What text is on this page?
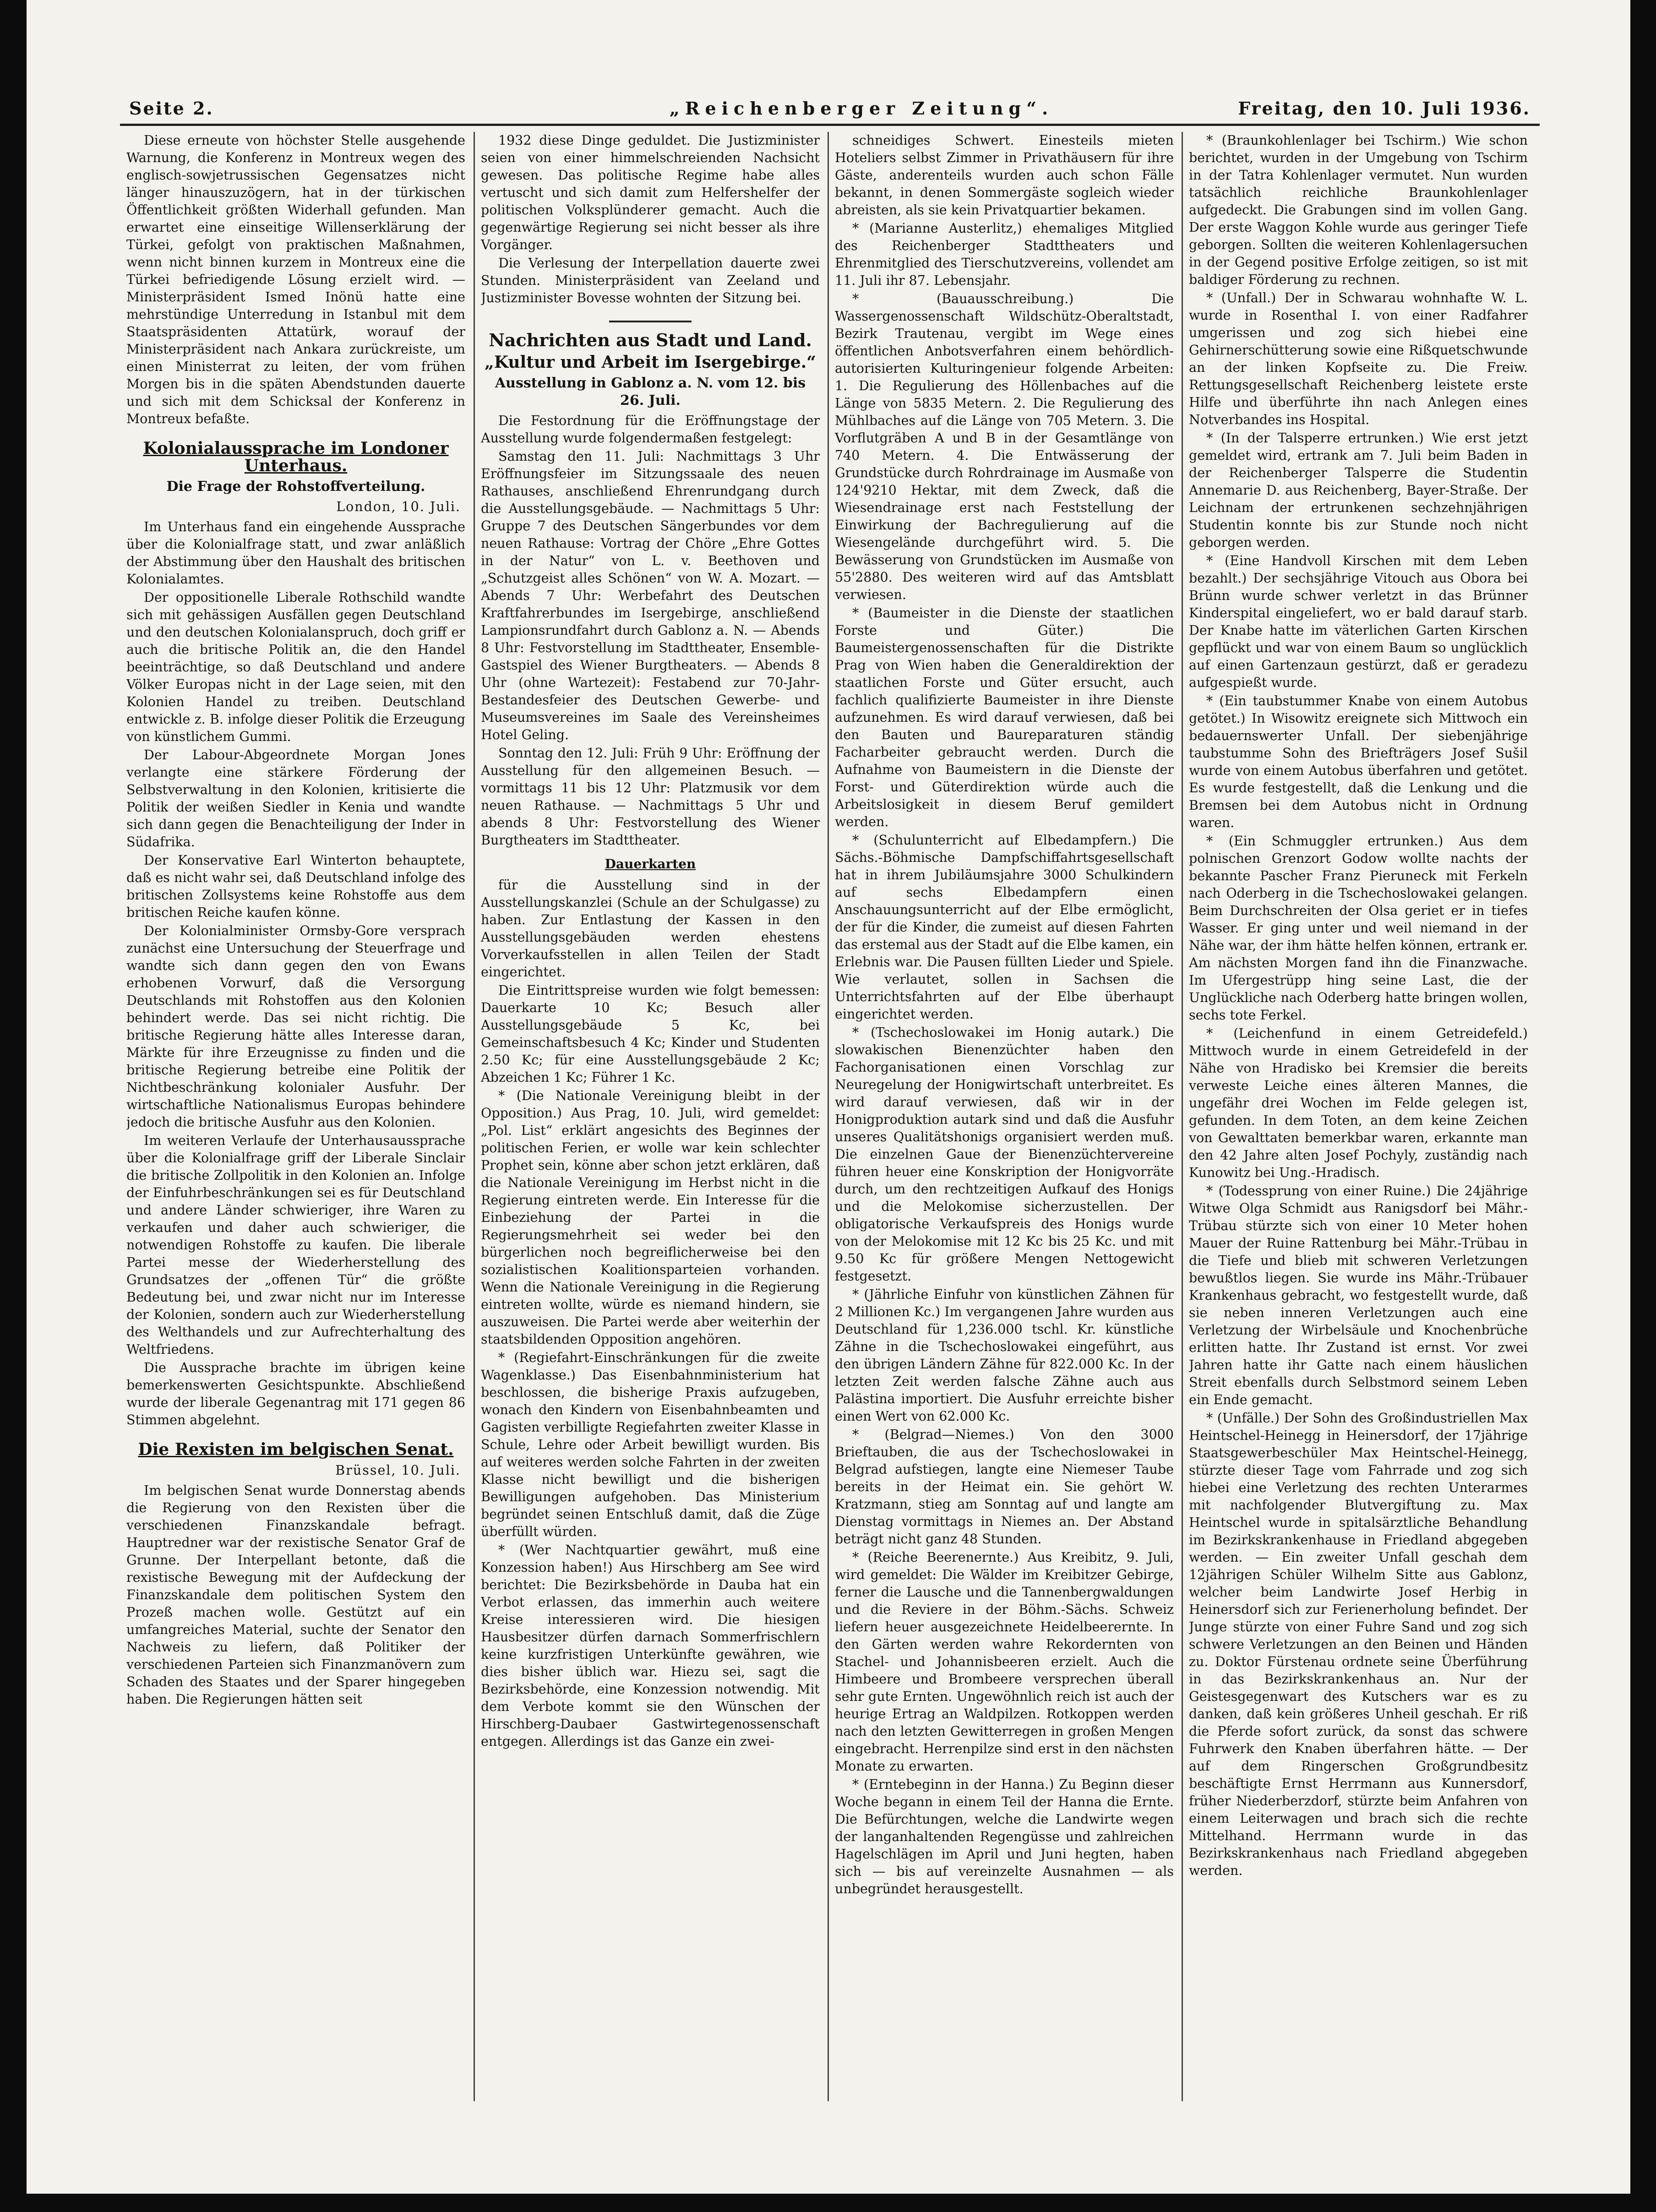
Seite 2.	„Reichenberger Zeitung“.	Freitag, den 10. Juli 1936.

Diese erneute von höchster Stelle ausgehende Warnung, die Konferenz in Montreux wegen des englisch-sowjetrussischen Gegensatzes nicht länger hinauszuzögern, hat in der türkischen Öffentlichkeit größten Widerhall gefunden. Man erwartet eine einseitige Willenserklärung der Türkei, gefolgt von praktischen Maßnahmen, wenn nicht binnen kurzem in Montreux eine die Türkei befriedigende Lösung erzielt wird. — Ministerpräsident Ismed Inönü hatte eine mehrstündige Unterredung in Istanbul mit dem Staatspräsidenten Attatürk, worauf der Ministerpräsident nach Ankara zurückreiste, um einen Ministerrat zu leiten, der vom frühen Morgen bis in die späten Abendstunden dauerte und sich mit dem Schicksal der Konferenz in Montreux befaßte.

Kolonialaussprache im Londoner Unterhaus.
Die Frage der Rohstoffverteilung.
London, 10. Juli.

Im Unterhaus fand ein eingehende Aussprache über die Kolonialfrage statt, und zwar anläßlich der Abstimmung über den Haushalt des britischen Kolonialamtes.

Der oppositionelle Liberale Rothschild wandte sich mit gehässigen Ausfällen gegen Deutschland und den deutschen Kolonialanspruch, doch griff er auch die britische Politik an, die den Handel beeinträchtige, so daß Deutschland und andere Völker Europas nicht in der Lage seien, mit den Kolonien Handel zu treiben. Deutschland entwickle z. B. infolge dieser Politik die Erzeugung von künstlichem Gummi.

Der Labour-Abgeordnete Morgan Jones verlangte eine stärkere Förderung der Selbstverwaltung in den Kolonien, kritisierte die Politik der weißen Siedler in Kenia und wandte sich dann gegen die Benachteiligung der Inder in Südafrika.

Der Konservative Earl Winterton behauptete, daß es nicht wahr sei, daß Deutschland infolge des britischen Zollsystems keine Rohstoffe aus dem britischen Reiche kaufen könne.

Der Kolonialminister Ormsby-Gore versprach zunächst eine Untersuchung der Steuerfrage und wandte sich dann gegen den von Ewans erhobenen Vorwurf, daß die Versorgung Deutschlands mit Rohstoffen aus den Kolonien behindert werde. Das sei nicht richtig. Die britische Regierung hätte alles Interesse daran, Märkte für ihre Erzeugnisse zu finden und die britische Regierung betreibe eine Politik der Nichtbeschränkung kolonialer Ausfuhr. Der wirtschaftliche Nationalismus Europas behindere jedoch die britische Ausfuhr aus den Kolonien.

Im weiteren Verlaufe der Unterhausaussprache über die Kolonialfrage griff der Liberale Sinclair die britische Zollpolitik in den Kolonien an. Infolge der Einfuhrbeschränkungen sei es für Deutschland und andere Länder schwieriger, ihre Waren zu verkaufen und daher auch schwieriger, die notwendigen Rohstoffe zu kaufen. Die liberale Partei messe der Wiederherstellung des Grundsatzes der „offenen Tür“ die größte Bedeutung bei, und zwar nicht nur im Interesse der Kolonien, sondern auch zur Wiederherstellung des Welthandels und zur Aufrechterhaltung des Weltfriedens.

Die Aussprache brachte im übrigen keine bemerkenswerten Gesichtspunkte. Abschließend wurde der liberale Gegenantrag mit 171 gegen 86 Stimmen abgelehnt.

Die Rexisten im belgischen Senat.
Brüssel, 10. Juli.

Im belgischen Senat wurde Donnerstag abends die Regierung von den Rexisten über die verschiedenen Finanzskandale befragt. Hauptredner war der rexistische Senator Graf de Grunne. Der Interpellant betonte, daß die rexistische Bewegung mit der Aufdeckung der Finanzskandale dem politischen System den Prozeß machen wolle. Gestützt auf ein umfangreiches Material, suchte der Senator den Nachweis zu liefern, daß Politiker der verschiedenen Parteien sich Finanzmanövern zum Schaden des Staates und der Sparer hingegeben haben. Die Regierungen hätten seit

1932 diese Dinge geduldet. Die Justizminister seien von einer himmelschreienden Nachsicht gewesen. Das politische Regime habe alles vertuscht und sich damit zum Helfershelfer der politischen Volksplünderer gemacht. Auch die gegenwärtige Regierung sei nicht besser als ihre Vorgänger.

Die Verlesung der Interpellation dauerte zwei Stunden. Ministerpräsident van Zeeland und Justizminister Bovesse wohnten der Sitzung bei.

Nachrichten aus Stadt und Land.
„Kultur und Arbeit im Isergebirge.“
Ausstellung in Gablonz a. N. vom 12. bis 26. Juli.

Die Festordnung für die Eröffnungstage der Ausstellung wurde folgendermaßen festgelegt:

Samstag den 11. Juli: Nachmittags 3 Uhr Eröffnungsfeier im Sitzungssaale des neuen Rathauses, anschließend Ehrenrundgang durch die Ausstellungsgebäude. — Nachmittags 5 Uhr: Gruppe 7 des Deutschen Sängerbundes vor dem neuen Rathause: Vortrag der Chöre „Ehre Gottes in der Natur“ von L. v. Beethoven und „Schutzgeist alles Schönen“ von W. A. Mozart. — Abends 7 Uhr: Werbefahrt des Deutschen Kraftfahrerbundes im Isergebirge, anschließend Lampionsrundfahrt durch Gablonz a. N. — Abends 8 Uhr: Festvorstellung im Stadttheater, Ensemble-Gastspiel des Wiener Burgtheaters. — Abends 8 Uhr (ohne Wartezeit): Festabend zur 70-Jahr-Bestandesfeier des Deutschen Gewerbe- und Museumsvereines im Saale des Vereinsheimes Hotel Geling.

Sonntag den 12. Juli: Früh 9 Uhr: Eröffnung der Ausstellung für den allgemeinen Besuch. — vormittags 11 bis 12 Uhr: Platzmusik vor dem neuen Rathause. — Nachmittags 5 Uhr und abends 8 Uhr: Festvorstellung des Wiener Burgtheaters im Stadttheater.

Dauerkarten

für die Ausstellung sind in der Ausstellungskanzlei (Schule an der Schulgasse) zu haben. Zur Entlastung der Kassen in den Ausstellungsgebäuden werden ehestens Vorverkaufsstellen in allen Teilen der Stadt eingerichtet.

Die Eintrittspreise wurden wie folgt bemessen: Dauerkarte 10 Kc; Besuch aller Ausstellungsgebäude 5 Kc, bei Gemeinschaftsbesuch 4 Kc; Kinder und Studenten 2.50 Kc; für eine Ausstellungsgebäude 2 Kc; Abzeichen 1 Kc; Führer 1 Kc.

* (Die Nationale Vereinigung bleibt in der Opposition.) Aus Prag, 10. Juli, wird gemeldet: „Pol. List“ erklärt angesichts des Beginnes der politischen Ferien, er wolle war kein schlechter Prophet sein, könne aber schon jetzt erklären, daß die Nationale Vereinigung im Herbst nicht in die Regierung eintreten werde. Ein Interesse für die Einbeziehung der Partei in die Regierungsmehrheit sei weder bei den bürgerlichen noch begreiflicherweise bei den sozialistischen Koalitionsparteien vorhanden. Wenn die Nationale Vereinigung in die Regierung eintreten wollte, würde es niemand hindern, sie auszuweisen. Die Partei werde aber weiterhin der staatsbildenden Opposition angehören.

* (Regiefahrt-Einschränkungen für die zweite Wagenklasse.) Das Eisenbahnministerium hat beschlossen, die bisherige Praxis aufzugeben, wonach den Kindern von Eisenbahnbeamten und Gagisten verbilligte Regiefahrten zweiter Klasse in Schule, Lehre oder Arbeit bewilligt wurden. Bis auf weiteres werden solche Fahrten in der zweiten Klasse nicht bewilligt und die bisherigen Bewilligungen aufgehoben. Das Ministerium begründet seinen Entschluß damit, daß die Züge überfüllt würden.

* (Wer Nachtquartier gewährt, muß eine Konzession haben!) Aus Hirschberg am See wird berichtet: Die Bezirksbehörde in Dauba hat ein Verbot erlassen, das immerhin auch weitere Kreise interessieren wird. Die hiesigen Hausbesitzer dürfen darnach Sommerfrischlern keine kurzfristigen Unterkünfte gewähren, wie dies bisher üblich war. Hiezu sei, sagt die Bezirksbehörde, eine Konzession notwendig. Mit dem Verbote kommt sie den Wünschen der Hirschberg-Daubaer Gastwirtegenossenschaft entgegen. Allerdings ist das Ganze ein zwei-

schneidiges Schwert. Einesteils mieten Hoteliers selbst Zimmer in Privathäusern für ihre Gäste, anderenteils wurden auch schon Fälle bekannt, in denen Sommergäste sogleich wieder abreisten, als sie kein Privatquartier bekamen.

* (Marianne Austerlitz,) ehemaliges Mitglied des Reichenberger Stadttheaters und Ehrenmitglied des Tierschutzvereins, vollendet am 11. Juli ihr 87. Lebensjahr.

* (Bauausschreibung.) Die Wassergenossenschaft Wildschütz-Oberaltstadt, Bezirk Trautenau, vergibt im Wege eines öffentlichen Anbotsverfahren einem behördlich-autorisierten Kulturingenieur folgende Arbeiten: 1. Die Regulierung des Höllenbaches auf die Länge von 5835 Metern. 2. Die Regulierung des Mühlbaches auf die Länge von 705 Metern. 3. Die Vorflutgräben A und B in der Gesamtlänge von 740 Metern. 4. Die Entwässerung der Grundstücke durch Rohrdrainage im Ausmaße von 124'9210 Hektar, mit dem Zweck, daß die Wiesendrainage erst nach Feststellung der Einwirkung der Bachregulierung auf die Wiesengelände durchgeführt wird. 5. Die Bewässerung von Grundstücken im Ausmaße von 55'2880. Des weiteren wird auf das Amtsblatt verwiesen.

* (Baumeister in die Dienste der staatlichen Forste und Güter.) Die Baumeistergenossenschaften für die Distrikte Prag von Wien haben die Generaldirektion der staatlichen Forste und Güter ersucht, auch fachlich qualifizierte Baumeister in ihre Dienste aufzunehmen. Es wird darauf verwiesen, daß bei den Bauten und Baureparaturen ständig Facharbeiter gebraucht werden. Durch die Aufnahme von Baumeistern in die Dienste der Forst- und Güterdirektion würde auch die Arbeitslosigkeit in diesem Beruf gemildert werden.

* (Schulunterricht auf Elbedampfern.) Die Sächs.-Böhmische Dampfschiffahrtsgesellschaft hat in ihrem Jubiläumsjahre 3000 Schulkindern auf sechs Elbedampfern einen Anschauungsunterricht auf der Elbe ermöglicht, der für die Kinder, die zumeist auf diesen Fahrten das erstemal aus der Stadt auf die Elbe kamen, ein Erlebnis war. Die Pausen füllten Lieder und Spiele. Wie verlautet, sollen in Sachsen die Unterrichtsfahrten auf der Elbe überhaupt eingerichtet werden.

* (Tschechoslowakei im Honig autark.) Die slowakischen Bienenzüchter haben den Fachorganisationen einen Vorschlag zur Neuregelung der Honigwirtschaft unterbreitet. Es wird darauf verwiesen, daß wir in der Honigproduktion autark sind und daß die Ausfuhr unseres Qualitätshonigs organisiert werden muß. Die einzelnen Gaue der Bienenzüchtervereine führen heuer eine Konskription der Honigvorräte durch, um den rechtzeitigen Aufkauf des Honigs und die Melokomise sicherzustellen. Der obligatorische Verkaufspreis des Honigs wurde von der Melokomise mit 12 Kc bis 25 Kc. und mit 9.50 Kc für größere Mengen Nettogewicht festgesetzt.

* (Jährliche Einfuhr von künstlichen Zähnen für 2 Millionen Kc.) Im vergangenen Jahre wurden aus Deutschland für 1,236.000 tschl. Kr. künstliche Zähne in die Tschechoslowakei eingeführt, aus den übrigen Ländern Zähne für 822.000 Kc. In der letzten Zeit werden falsche Zähne auch aus Palästina importiert. Die Ausfuhr erreichte bisher einen Wert von 62.000 Kc.

* (Belgrad—Niemes.) Von den 3000 Brieftauben, die aus der Tschechoslowakei in Belgrad aufstiegen, langte eine Niemeser Taube bereits in der Heimat ein. Sie gehört W. Kratzmann, stieg am Sonntag auf und langte am Dienstag vormittags in Niemes an. Der Abstand beträgt nicht ganz 48 Stunden.

* (Reiche Beerenernte.) Aus Kreibitz, 9. Juli, wird gemeldet: Die Wälder im Kreibitzer Gebirge, ferner die Lausche und die Tannenbergwaldungen und die Reviere in der Böhm.-Sächs. Schweiz liefern heuer ausgezeichnete Heidelbeerernte. In den Gärten werden wahre Rekordernten von Stachel- und Johannisbeeren erzielt. Auch die Himbeere und Brombeere versprechen überall sehr gute Ernten. Ungewöhnlich reich ist auch der heurige Ertrag an Waldpilzen. Rotkoppen werden nach den letzten Gewitterregen in großen Mengen eingebracht. Herrenpilze sind erst in den nächsten Monate zu erwarten.

* (Erntebeginn in der Hanna.) Zu Beginn dieser Woche begann in einem Teil der Hanna die Ernte. Die Befürchtungen, welche die Landwirte wegen der langanhaltenden Regengüsse und zahlreichen Hagelschlägen im April und Juni hegten, haben sich — bis auf vereinzelte Ausnahmen — als unbegründet herausgestellt.

* (Braunkohlenlager bei Tschirm.) Wie schon berichtet, wurden in der Umgebung von Tschirm in der Tatra Kohlenlager vermutet. Nun wurden tatsächlich reichliche Braunkohlenlager aufgedeckt. Die Grabungen sind im vollen Gang. Der erste Waggon Kohle wurde aus geringer Tiefe geborgen. Sollten die weiteren Kohlenlagersuchen in der Gegend positive Erfolge zeitigen, so ist mit baldiger Förderung zu rechnen.

* (Unfall.) Der in Schwarau wohnhafte W. L. wurde in Rosenthal I. von einer Radfahrer umgerissen und zog sich hiebei eine Gehirnerschütterung sowie eine Rißquetschwunde an der linken Kopfseite zu. Die Freiw. Rettungsgesellschaft Reichenberg leistete erste Hilfe und überführte ihn nach Anlegen eines Notverbandes ins Hospital.

* (In der Talsperre ertrunken.) Wie erst jetzt gemeldet wird, ertrank am 7. Juli beim Baden in der Reichenberger Talsperre die Studentin Annemarie D. aus Reichenberg, Bayer-Straße. Der Leichnam der ertrunkenen sechzehnjährigen Studentin konnte bis zur Stunde noch nicht geborgen werden.

* (Eine Handvoll Kirschen mit dem Leben bezahlt.) Der sechsjährige Vitouch aus Obora bei Brünn wurde schwer verletzt in das Brünner Kinderspital eingeliefert, wo er bald darauf starb. Der Knabe hatte im väterlichen Garten Kirschen gepflückt und war von einem Baum so unglücklich auf einen Gartenzaun gestürzt, daß er geradezu aufgespießt wurde.

* (Ein taubstummer Knabe von einem Autobus getötet.) In Wisowitz ereignete sich Mittwoch ein bedauernswerter Unfall. Der siebenjährige taubstumme Sohn des Briefträgers Josef Sušil wurde von einem Autobus überfahren und getötet. Es wurde festgestellt, daß die Lenkung und die Bremsen bei dem Autobus nicht in Ordnung waren.

* (Ein Schmuggler ertrunken.) Aus dem polnischen Grenzort Godow wollte nachts der bekannte Pascher Franz Pieruneck mit Ferkeln nach Oderberg in die Tschechoslowakei gelangen. Beim Durchschreiten der Olsa geriet er in tiefes Wasser. Er ging unter und weil niemand in der Nähe war, der ihm hätte helfen können, ertrank er. Am nächsten Morgen fand ihn die Finanzwache. Im Ufergestrüpp hing seine Last, die der Unglückliche nach Oderberg hatte bringen wollen, sechs tote Ferkel.

* (Leichenfund in einem Getreidefeld.) Mittwoch wurde in einem Getreidefeld in der Nähe von Hradisko bei Kremsier die bereits verweste Leiche eines älteren Mannes, die ungefähr drei Wochen im Felde gelegen ist, gefunden. In dem Toten, an dem keine Zeichen von Gewalttaten bemerkbar waren, erkannte man den 42 Jahre alten Josef Pochyly, zuständig nach Kunowitz bei Ung.-Hradisch.

* (Todessprung von einer Ruine.) Die 24jährige Witwe Olga Schmidt aus Ranigsdorf bei Mähr.-Trübau stürzte sich von einer 10 Meter hohen Mauer der Ruine Rattenburg bei Mähr.-Trübau in die Tiefe und blieb mit schweren Verletzungen bewußtlos liegen. Sie wurde ins Mähr.-Trübauer Krankenhaus gebracht, wo festgestellt wurde, daß sie neben inneren Verletzungen auch eine Verletzung der Wirbelsäule und Knochenbrüche erlitten hatte. Ihr Zustand ist ernst. Vor zwei Jahren hatte ihr Gatte nach einem häuslichen Streit ebenfalls durch Selbstmord seinem Leben ein Ende gemacht.

* (Unfälle.) Der Sohn des Großindustriellen Max Heintschel-Heinegg in Heinersdorf, der 17jährige Staatsgewerbeschüler Max Heintschel-Heinegg, stürzte dieser Tage vom Fahrrade und zog sich hiebei eine Verletzung des rechten Unterarmes mit nachfolgender Blutvergiftung zu. Max Heintschel wurde in spitalsärztliche Behandlung im Bezirkskrankenhause in Friedland abgegeben werden. — Ein zweiter Unfall geschah dem 12jährigen Schüler Wilhelm Sitte aus Gablonz, welcher beim Landwirte Josef Herbig in Heinersdorf sich zur Ferienerholung befindet. Der Junge stürzte von einer Fuhre Sand und zog sich schwere Verletzungen an den Beinen und Händen zu. Doktor Fürstenau ordnete seine Überführung in das Bezirkskrankenhaus an. Nur der Geistesgegenwart des Kutschers war es zu danken, daß kein größeres Unheil geschah. Er riß die Pferde sofort zurück, da sonst das schwere Fuhrwerk den Knaben überfahren hätte. — Der auf dem Ringerschen Großgrundbesitz beschäftigte Ernst Herrmann aus Kunnersdorf, früher Niederberzdorf, stürzte beim Anfahren von einem Leiterwagen und brach sich die rechte Mittelhand. Herrmann wurde in das Bezirkskrankenhaus nach Friedland abgegeben werden.
